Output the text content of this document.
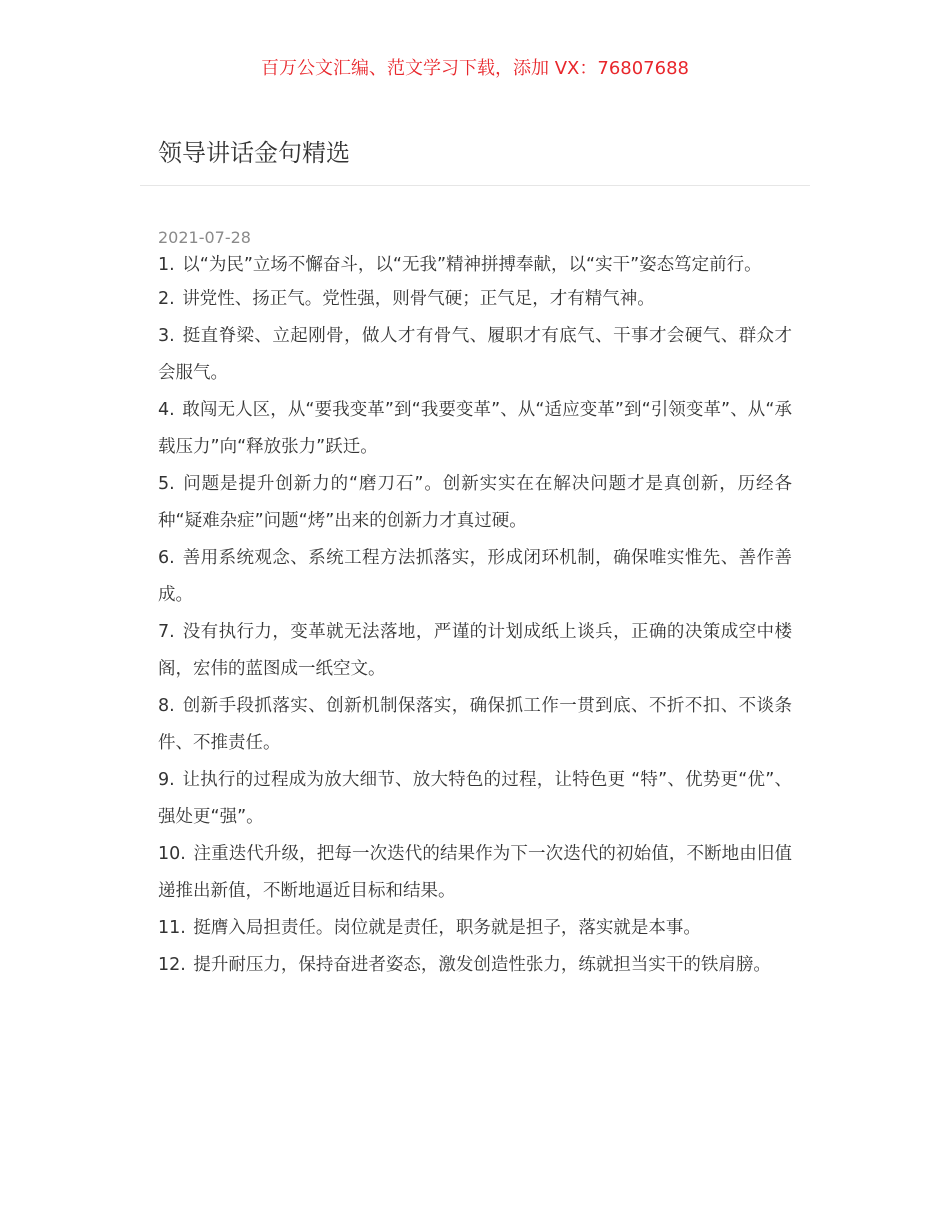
百万公文汇编、范文学习下载，添加 VX：76807688

领导讲话金句精选

2021-07-28

1. 以“为民”立场不懈奋斗，以“无我”精神拼搏奉献，以“实干”姿态笃定前行。
2. 讲党性、扬正气。党性强，则骨气硬；正气足，才有精气神。
3. 挺直脊梁、立起刚骨，做人才有骨气、履职才有底气、干事才会硬气、群众才会服气。
4. 敢闯无人区，从“要我变革”到“我要变革”、从“适应变革”到“引领变革”、从“承载压力”向“释放张力”跃迁。
5. 问题是提升创新力的“磨刀石”。创新实实在在解决问题才是真创新，历经各种“疑难杂症”问题“烤”出来的创新力才真过硬。
6. 善用系统观念、系统工程方法抓落实，形成闭环机制，确保唯实惟先、善作善成。
7. 没有执行力，变革就无法落地，严谨的计划成纸上谈兵，正确的决策成空中楼阁，宏伟的蓝图成一纸空文。
8. 创新手段抓落实、创新机制保落实，确保抓工作一贯到底、不折不扣、不谈条件、不推责任。
9. 让执行的过程成为放大细节、放大特色的过程，让特色更 “特”、优势更“优”、强处更“强”。
10. 注重迭代升级，把每一次迭代的结果作为下一次迭代的初始值，不断地由旧值递推出新值，不断地逼近目标和结果。
11. 挺膺入局担责任。岗位就是责任，职务就是担子，落实就是本事。
12. 提升耐压力，保持奋进者姿态，激发创造性张力，练就担当实干的铁肩膀。
